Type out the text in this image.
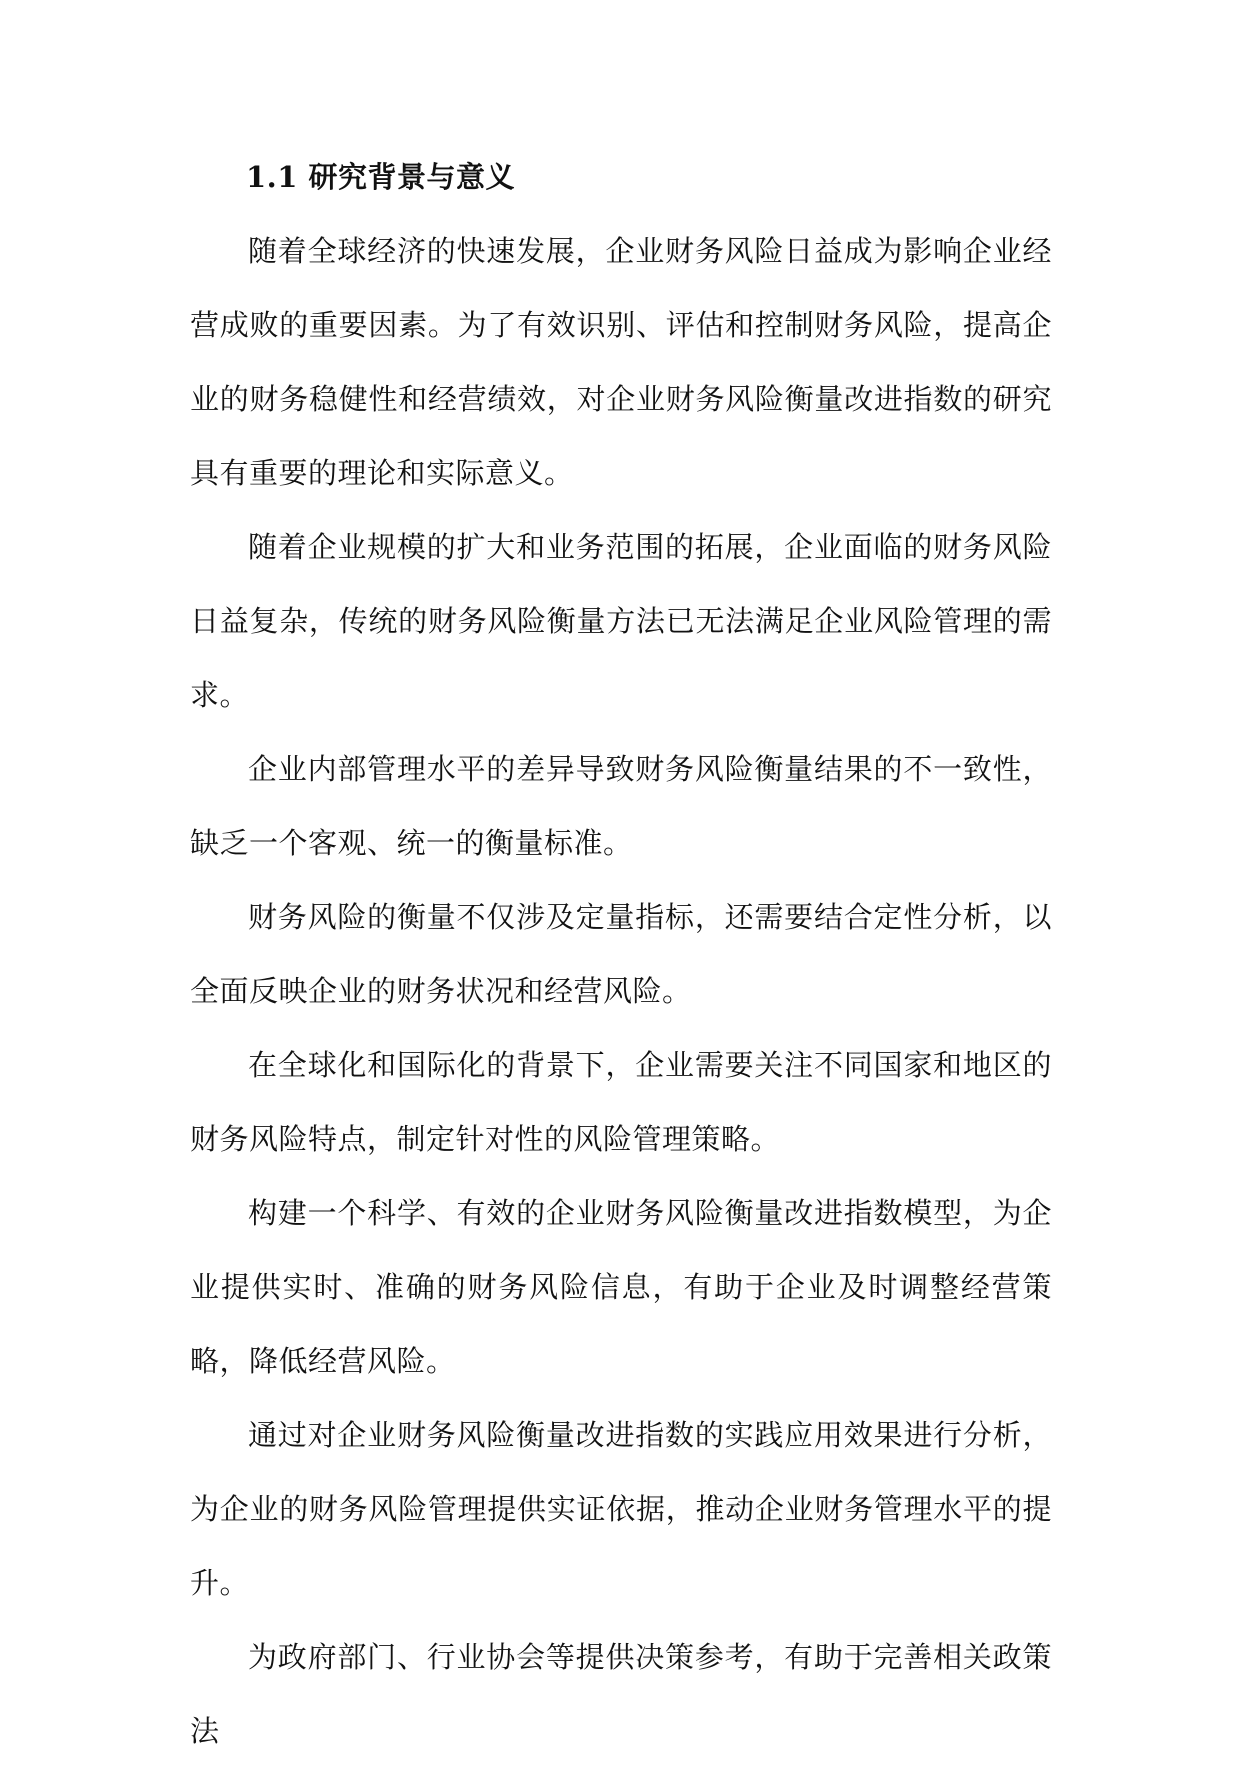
1.1 研究背景与意义

随着全球经济的快速发展，企业财务风险日益成为影响企业经营成败的重要因素。为了有效识别、评估和控制财务风险，提高企业的财务稳健性和经营绩效，对企业财务风险衡量改进指数的研究具有重要的理论和实际意义。

随着企业规模的扩大和业务范围的拓展，企业面临的财务风险日益复杂，传统的财务风险衡量方法已无法满足企业风险管理的需求。

企业内部管理水平的差异导致财务风险衡量结果的不一致性，缺乏一个客观、统一的衡量标准。

财务风险的衡量不仅涉及定量指标，还需要结合定性分析，以全面反映企业的财务状况和经营风险。

在全球化和国际化的背景下，企业需要关注不同国家和地区的财务风险特点，制定针对性的风险管理策略。

构建一个科学、有效的企业财务风险衡量改进指数模型，为企业提供实时、准确的财务风险信息，有助于企业及时调整经营策略，降低经营风险。

通过对企业财务风险衡量改进指数的实践应用效果进行分析，为企业的财务风险管理提供实证依据，推动企业财务管理水平的提升。

为政府部门、行业协会等提供决策参考，有助于完善相关政策法
